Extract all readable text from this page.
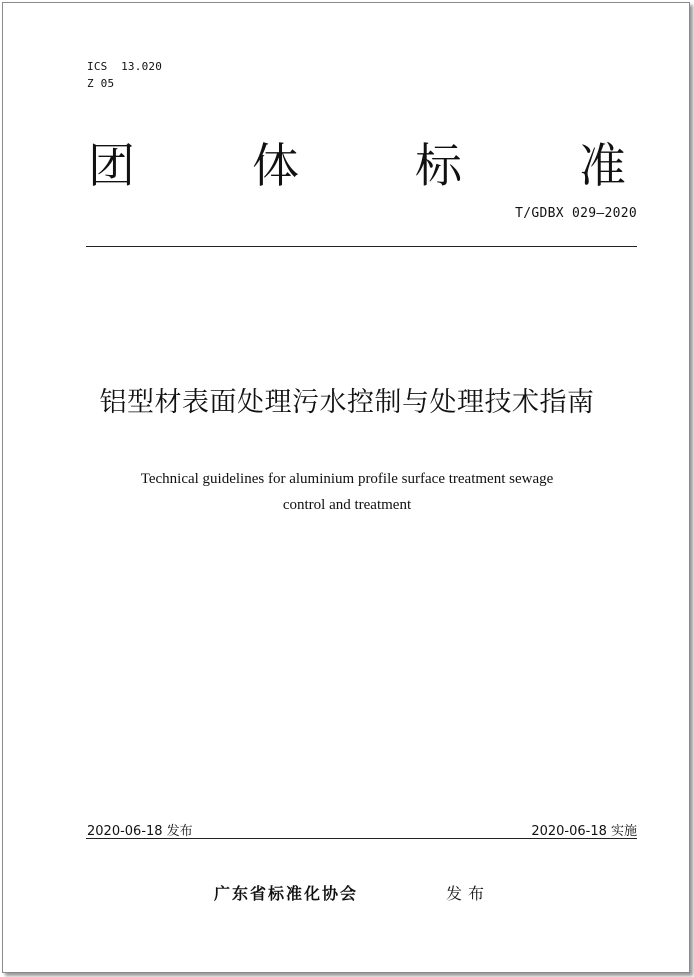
ICS  13.020
Z 05
团 体 标 准
T/GDBX 029—2020
铝型材表面处理污水控制与处理技术指南
Technical guidelines for aluminium profile surface treatment sewage
control and treatment
2020-06-18 发布	2020-06-18 实施
广东省标准化协会	发布
